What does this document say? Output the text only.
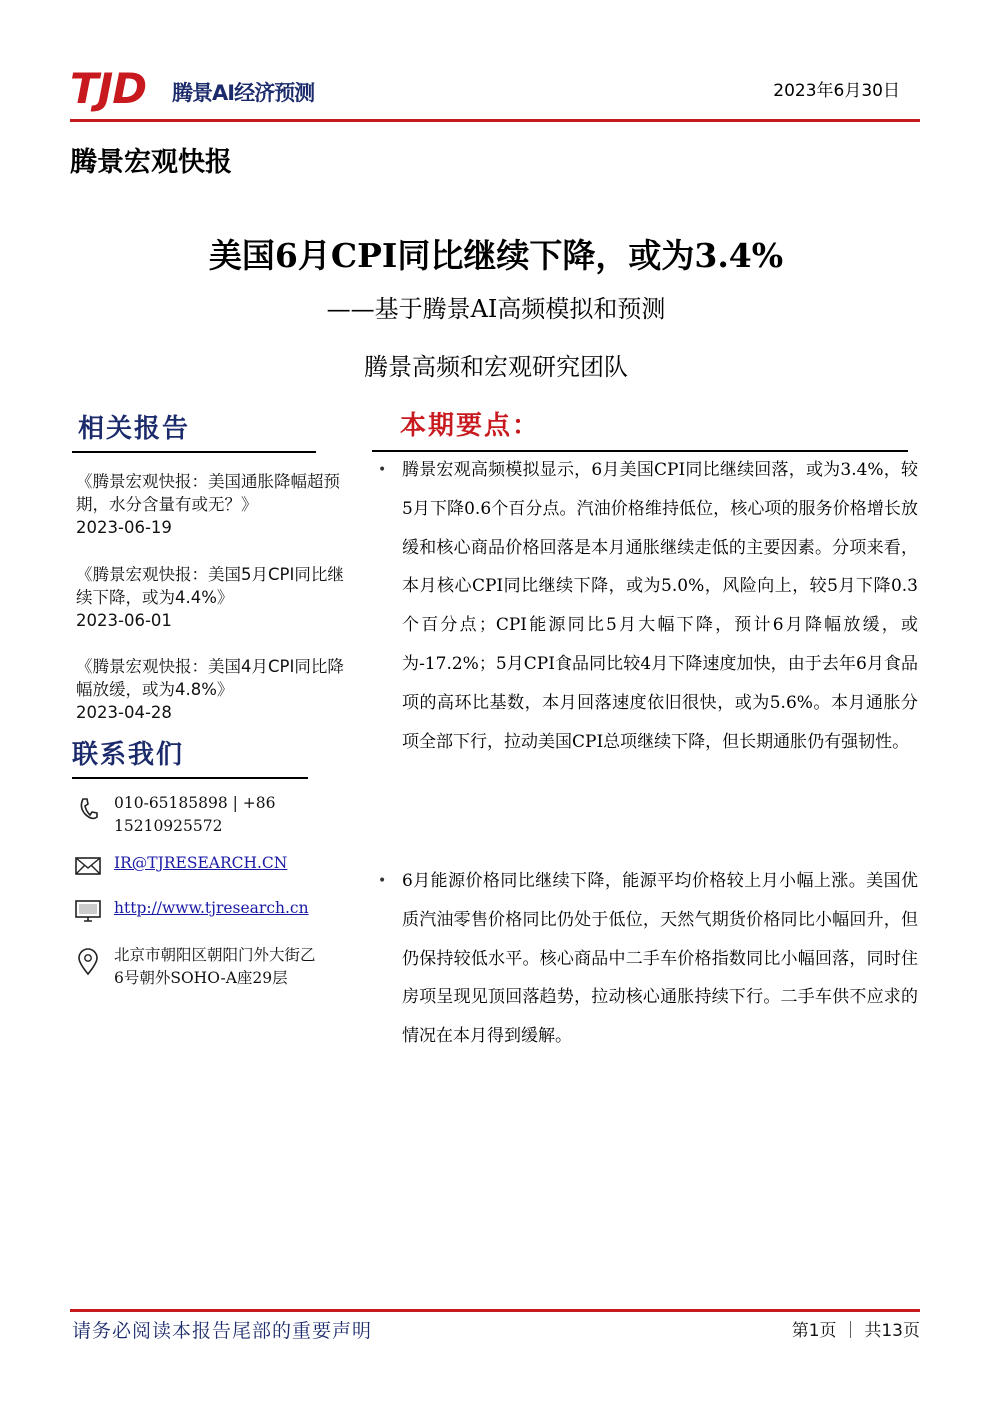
TJD 腾景AI经济预测	2023年6月30日
腾景宏观快报
美国6月CPI同比继续下降，或为3.4%
——基于腾景AI高频模拟和预测
腾景高频和宏观研究团队
相关报告
《腾景宏观快报：美国通胀降幅超预期，水分含量有或无？》
2023-06-19
《腾景宏观快报：美国5月CPI同比继续下降，或为4.4%》
2023-06-01
《腾景宏观快报：美国4月CPI同比降幅放缓，或为4.8%》
2023-04-28
联系我们
010-65185898 | +86
15210925572
IR@TJRESEARCH.CN
http://www.tjresearch.cn
北京市朝阳区朝阳门外大街乙
6号朝外SOHO-A座29层
本期要点：
• 腾景宏观高频模拟显示，6月美国CPI同比继续回落，或为3.4%，较5月下降0.6个百分点。汽油价格维持低位，核心项的服务价格增长放缓和核心商品价格回落是本月通胀继续走低的主要因素。分项来看，本月核心CPI同比继续下降，或为5.0%，风险向上，较5月下降0.3个百分点；CPI能源同比5月大幅下降，预计6月降幅放缓，或为-17.2%；5月CPI食品同比较4月下降速度加快，由于去年6月食品项的高环比基数，本月回落速度依旧很快，或为5.6%。本月通胀分项全部下行，拉动美国CPI总项继续下降，但长期通胀仍有强韧性。
• 6月能源价格同比继续下降，能源平均价格较上月小幅上涨。美国优质汽油零售价格同比仍处于低位，天然气期货价格同比小幅回升，但仍保持较低水平。核心商品中二手车价格指数同比小幅回落，同时住房项呈现见顶回落趋势，拉动核心通胀持续下行。二手车供不应求的情况在本月得到缓解。
请务必阅读本报告尾部的重要声明	第1页 ｜ 共13页
